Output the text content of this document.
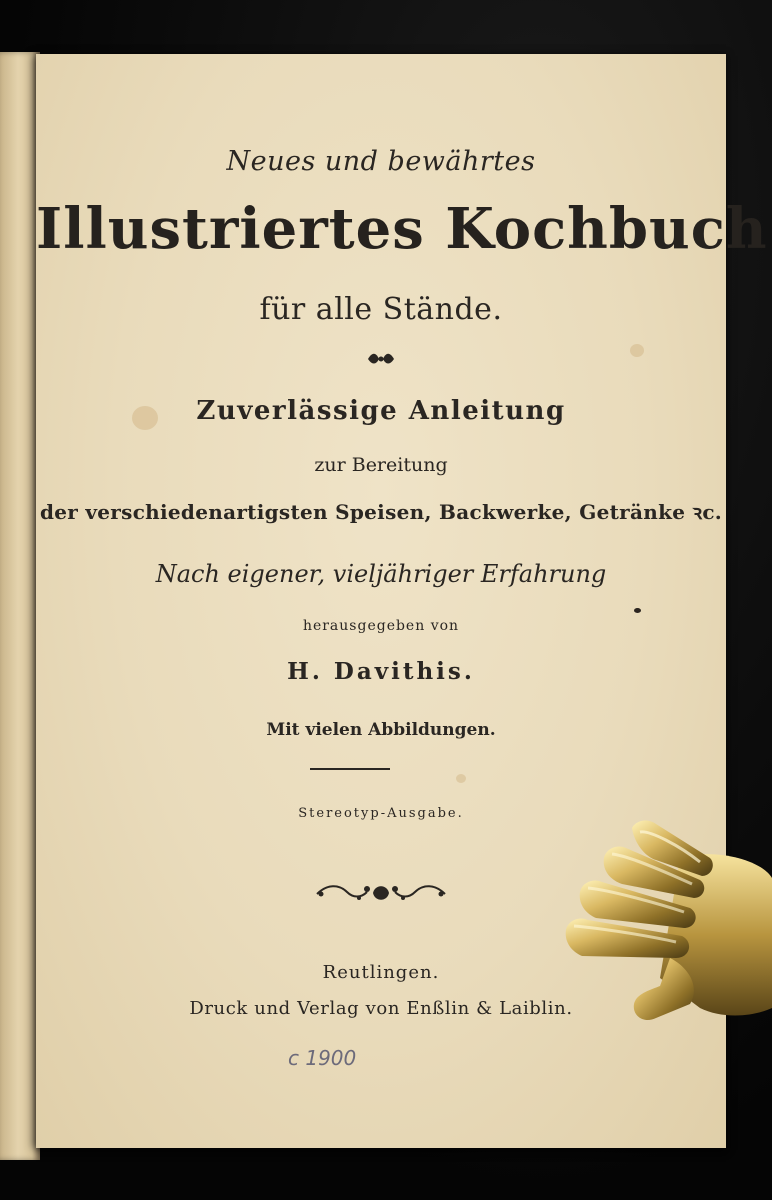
Neues und bewährtes
Illustriertes Kochbuch
für alle Stände.
Zuverlässige Anleitung
zur Bereitung
der verschiedenartigsten Speisen, Backwerke, Getränke ꝛc.
Nach eigener, vieljähriger Erfahrung
herausgegeben von
H. Davithis.
Mit vielen Abbildungen.
Stereotyp-Ausgabe.
Reutlingen.
Druck und Verlag von Enßlin & Laiblin.
c 1900
